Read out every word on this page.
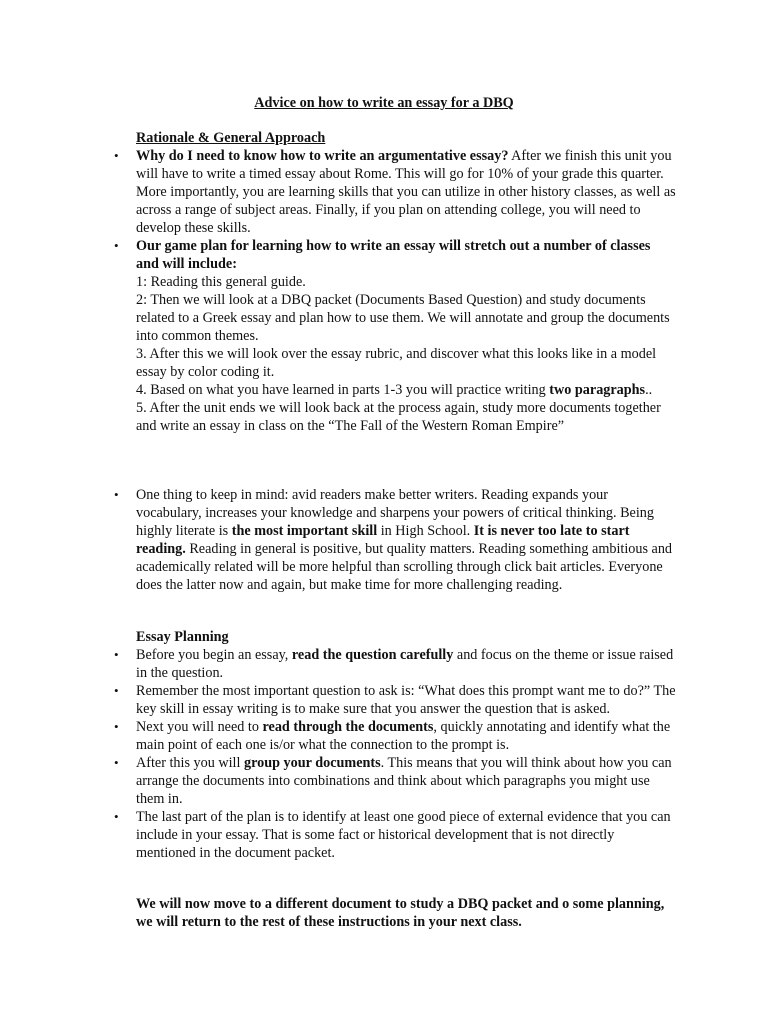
Advice on how to write an essay for a DBQ
Rationale & General Approach
• Why do I need to know how to write an argumentative essay? After we finish this unit you will have to write a timed essay about Rome. This will go for 10% of your grade this quarter. More importantly, you are learning skills that you can utilize in other history classes, as well as across a range of subject areas. Finally, if you plan on attending college, you will need to develop these skills.
• Our game plan for learning how to write an essay will stretch out a number of classes and will include:
1: Reading this general guide.
2: Then we will look at a DBQ packet (Documents Based Question) and study documents related to a Greek essay and plan how to use them. We will annotate and group the documents into common themes.
3. After this we will look over the essay rubric, and discover what this looks like in a model essay by color coding it.
4. Based on what you have learned in parts 1-3 you will practice writing two paragraphs..
5. After the unit ends we will look back at the process again, study more documents together and write an essay in class on the “The Fall of the Western Roman Empire”
• One thing to keep in mind: avid readers make better writers. Reading expands your vocabulary, increases your knowledge and sharpens your powers of critical thinking. Being highly literate is the most important skill in High School. It is never too late to start reading. Reading in general is positive, but quality matters. Reading something ambitious and academically related will be more helpful than scrolling through click bait articles. Everyone does the latter now and again, but make time for more challenging reading.
Essay Planning
• Before you begin an essay, read the question carefully and focus on the theme or issue raised in the question.
• Remember the most important question to ask is: “What does this prompt want me to do?” The key skill in essay writing is to make sure that you answer the question that is asked.
• Next you will need to read through the documents, quickly annotating and identify what the main point of each one is/or what the connection to the prompt is.
• After this you will group your documents. This means that you will think about how you can arrange the documents into combinations and think about which paragraphs you might use them in.
• The last part of the plan is to identify at least one good piece of external evidence that you can include in your essay. That is some fact or historical development that is not directly mentioned in the document packet.
We will now move to a different document to study a DBQ packet and o some planning, we will return to the rest of these instructions in your next class.
